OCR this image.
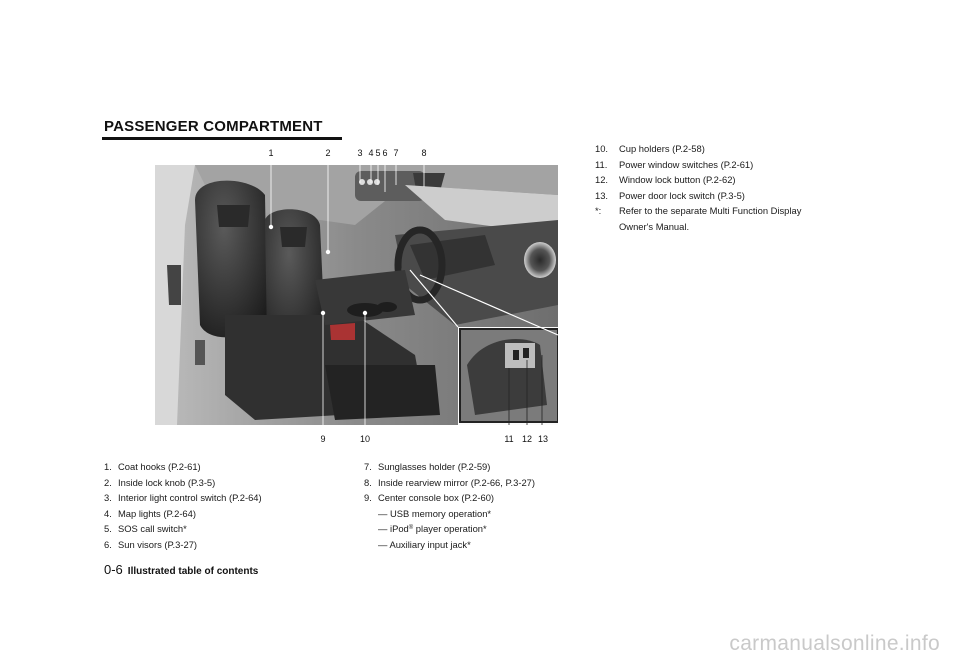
PASSENGER COMPARTMENT
1	2	3 4 5 6 7	8
9	10	11 12 13
1. Coat hooks (P.2-61)
2. Inside lock knob (P.3-5)
3. Interior light control switch (P.2-64)
4. Map lights (P.2-64)
5. SOS call switch*
6. Sun visors (P.3-27)
7. Sunglasses holder (P.2-59)
8. Inside rearview mirror (P.2-66, P.3-27)
9. Center console box (P.2-60)
— USB memory operation*
— iPod ® player operation*
— Auxiliary input jack*
10.	Cup holders (P.2-58)
11.	Power window switches (P.2-61)
12.	Window lock button (P.2-62)
13.	Power door lock switch (P.3-5)
*:	Refer to the separate Multi Function Display
Owner's Manual.
0-6 Illustrated table of contents
carmanualsonline.info
